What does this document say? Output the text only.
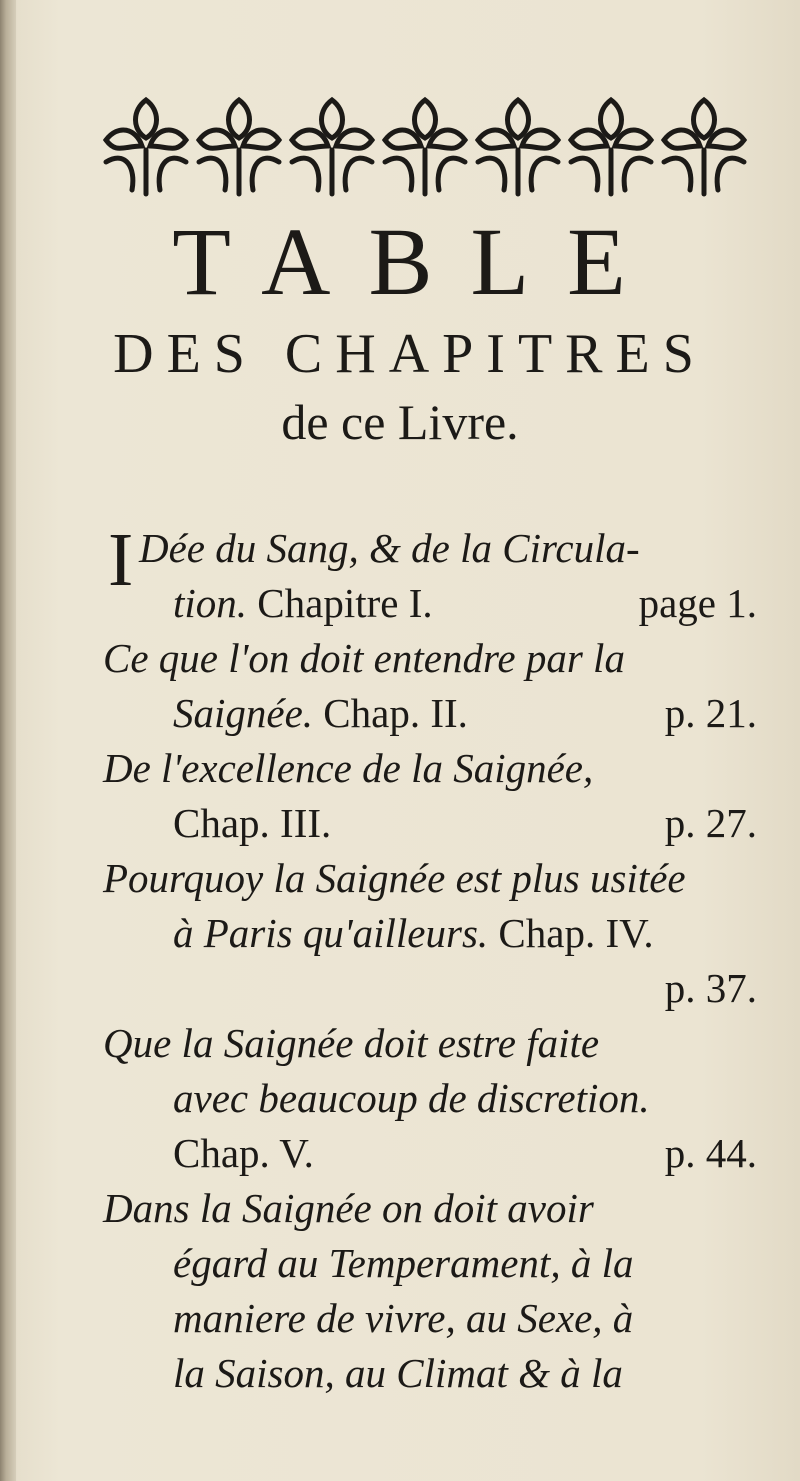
TABLE
DES CHAPITRES
de ce Livre.
I Dée du Sang, & de la Circula-
tion. Chapitre I.	page 1.
Ce que l'on doit entendre par la
Saignée. Chap. II.	p. 21.
De l'excellence de la Saignée,
Chap. III.	p. 27.
Pourquoy la Saignée est plus usitée
à Paris qu'ailleurs. Chap. IV.
p. 37.
Que la Saignée doit estre faite
avec beaucoup de discretion.
Chap. V.	p. 44.
Dans la Saignée on doit avoir
égard au Temperament, à la
maniere de vivre, au Sexe, à
la Saison, au Climat & à la
